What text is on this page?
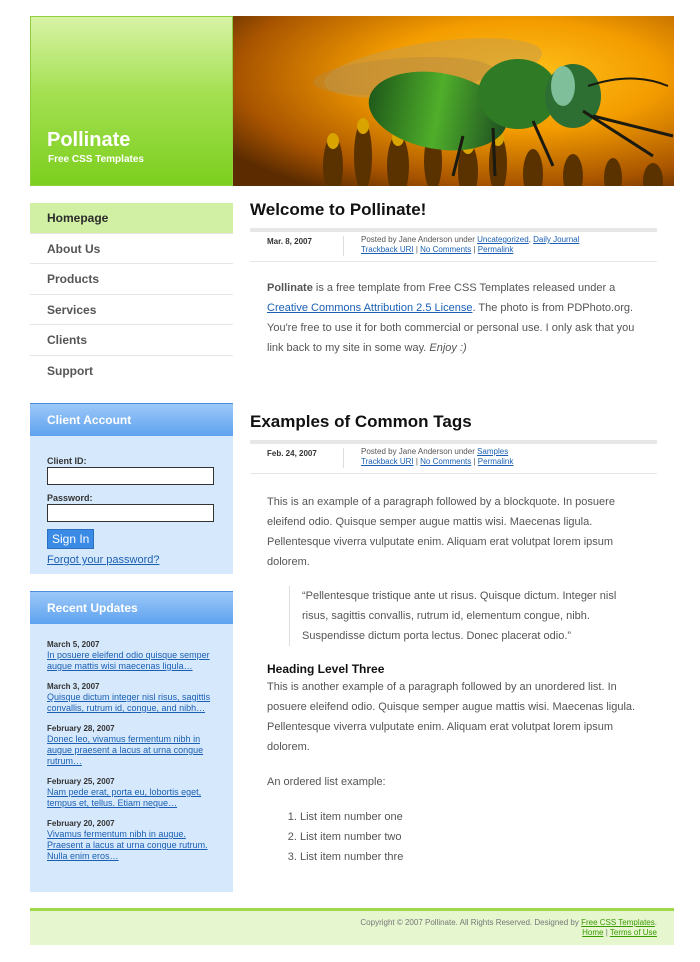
Pollinate
Free CSS Templates
Homepage
About Us
Products
Services
Clients
Support
Client Account
Client ID:
Password:
Sign In
Forgot your password?
Recent Updates
March 5, 2007
In posuere eleifend odio quisque semper augue mattis wisi maecenas ligula…
March 3, 2007
Quisque dictum integer nisl risus, sagittis convallis, rutrum id, congue, and nibh…
February 28, 2007
Donec leo, vivamus fermentum nibh in augue praesent a lacus at urna congue rutrum…
February 25, 2007
Nam pede erat, porta eu, lobortis eget, tempus et, tellus. Etiam neque…
February 20, 2007
Vivamus fermentum nibh in augue. Praesent a lacus at urna congue rutrum. Nulla enim eros…
Welcome to Pollinate!
Mar. 8, 2007	Posted by Jane Anderson under Uncategorized, Daily Journal
Trackback URI | No Comments | Permalink

Pollinate is a free template from Free CSS Templates released under a Creative Commons Attribution 2.5 License. The photo is from PDPhoto.org. You're free to use it for both commercial or personal use. I only ask that you link back to my site in some way. Enjoy :)

Examples of Common Tags
Feb. 24, 2007	Posted by Jane Anderson under Samples
Trackback URI | No Comments | Permalink

This is an example of a paragraph followed by a blockquote. In posuere eleifend odio. Quisque semper augue mattis wisi. Maecenas ligula. Pellentesque viverra vulputate enim. Aliquam erat volutpat lorem ipsum dolorem.

“Pellentesque tristique ante ut risus. Quisque dictum. Integer nisl risus, sagittis convallis, rutrum id, elementum congue, nibh. Suspendisse dictum porta lectus. Donec placerat odio.”
Heading Level Three

This is another example of a paragraph followed by an unordered list. In posuere eleifend odio. Quisque semper augue mattis wisi. Maecenas ligula. Pellentesque viverra vulputate enim. Aliquam erat volutpat lorem ipsum dolorem.

An ordered list example:

1. List item number one
2. List item number two
3. List item number thre
Copyright © 2007 Pollinate. All Rights Reserved. Designed by Free CSS Templates.
Home | Terms of Use
